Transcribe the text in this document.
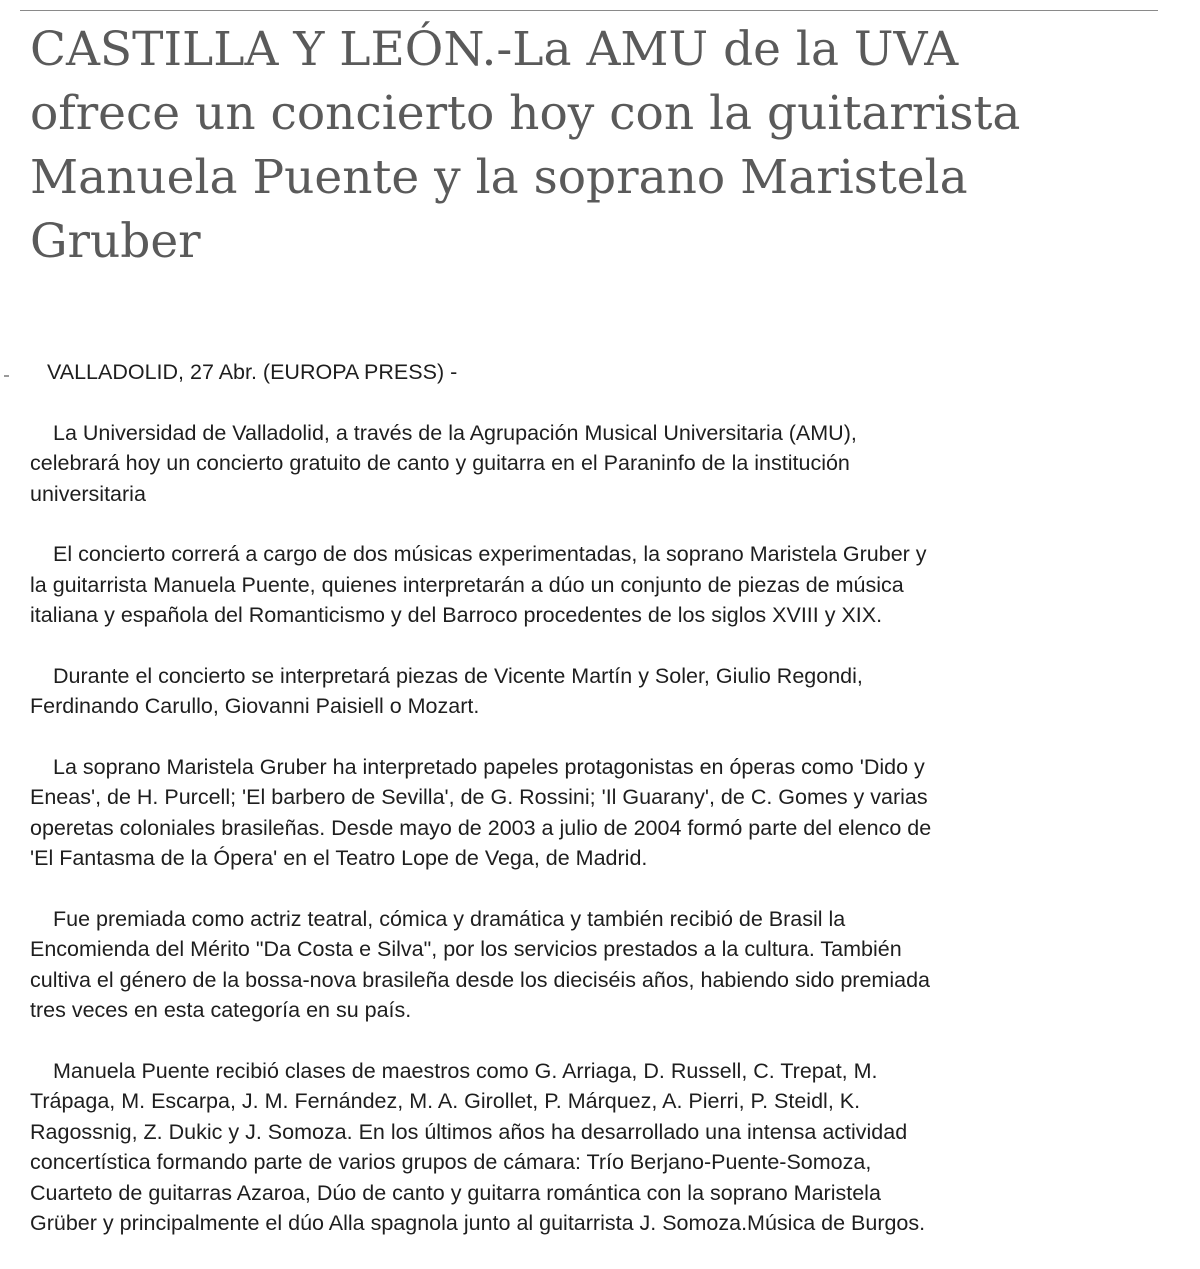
CASTILLA Y LEÓN.-La AMU de la UVA
ofrece un concierto hoy con la guitarrista
Manuela Puente y la soprano Maristela
Gruber

VALLADOLID, 27 Abr. (EUROPA PRESS) -

La Universidad de Valladolid, a través de la Agrupación Musical Universitaria (AMU),
celebrará hoy un concierto gratuito de canto y guitarra en el Paraninfo de la institución
universitaria

El concierto correrá a cargo de dos músicas experimentadas, la soprano Maristela Gruber y
la guitarrista Manuela Puente, quienes interpretarán a dúo un conjunto de piezas de música
italiana y española del Romanticismo y del Barroco procedentes de los siglos XVIII y XIX.

Durante el concierto se interpretará piezas de Vicente Martín y Soler, Giulio Regondi,
Ferdinando Carullo, Giovanni Paisiell o Mozart.

La soprano Maristela Gruber ha interpretado papeles protagonistas en óperas como 'Dido y
Eneas', de H. Purcell; 'El barbero de Sevilla', de G. Rossini; 'Il Guarany', de C. Gomes y varias
operetas coloniales brasileñas. Desde mayo de 2003 a julio de 2004 formó parte del elenco de
'El Fantasma de la Ópera' en el Teatro Lope de Vega, de Madrid.

Fue premiada como actriz teatral, cómica y dramática y también recibió de Brasil la
Encomienda del Mérito "Da Costa e Silva", por los servicios prestados a la cultura. También
cultiva el género de la bossa-nova brasileña desde los dieciséis años, habiendo sido premiada
tres veces en esta categoría en su país.

Manuela Puente recibió clases de maestros como G. Arriaga, D. Russell, C. Trepat, M.
Trápaga, M. Escarpa, J. M. Fernández, M. A. Girollet, P. Márquez, A. Pierri, P. Steidl, K.
Ragossnig, Z. Dukic y J. Somoza. En los últimos años ha desarrollado una intensa actividad
concertística formando parte de varios grupos de cámara: Trío Berjano-Puente-Somoza,
Cuarteto de guitarras Azaroa, Dúo de canto y guitarra romántica con la soprano Maristela
Grüber y principalmente el dúo Alla spagnola junto al guitarrista J. Somoza.Música de Burgos.
